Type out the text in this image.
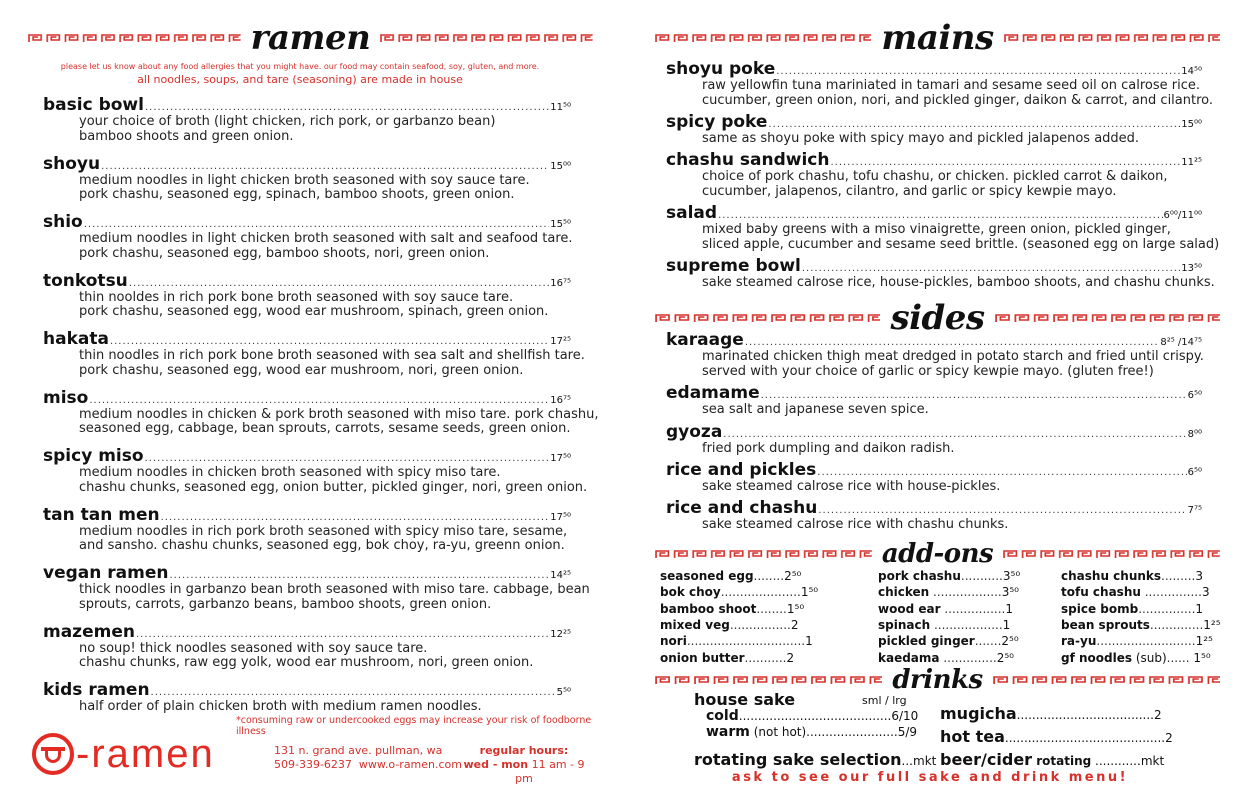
ramen
please let us know about any food allergies that you might have. our food may contain seafood, soy, gluten, and more.
all noodles, soups, and tare (seasoning) are made in house
basic bowl .....	11⁵⁰
your choice of broth (light chicken, rich pork, or garbanzo bean)
bamboo shoots and green onion.
shoyu .....	15⁰⁰
medium noodles in light chicken broth seasoned with soy sauce tare.
pork chashu, seasoned egg, spinach, bamboo shoots, green onion.
shio .....	15⁵⁰
medium noodles in light chicken broth seasoned with salt and seafood tare.
pork chashu, seasoned egg, bamboo shoots, nori, green onion.
tonkotsu .....	16⁷⁵
thin nooldes in rich pork bone broth seasoned with soy sauce tare.
pork chashu, seasoned egg, wood ear mushroom, spinach, green onion.
hakata .....	17²⁵
thin noodles in rich pork bone broth seasoned with sea salt and shellfish tare.
pork chashu, seasoned egg, wood ear mushroom, nori, green onion.
miso .....	16⁷⁵
medium noodles in chicken & pork broth seasoned with miso tare. pork chashu,
seasoned egg, cabbage, bean sprouts, carrots, sesame seeds, green onion.
spicy miso .....	17⁵⁰
medium noodles in chicken broth seasoned with spicy miso tare.
chashu chunks, seasoned egg, onion butter, pickled ginger, nori, green onion.
tan tan men .....	17⁵⁰
medium noodles in rich pork broth seasoned with spicy miso tare, sesame,
and sansho. chashu chunks, seasoned egg, bok choy, ra-yu, greenn onion.
vegan ramen .....	14²⁵
thick noodles in garbanzo bean broth seasoned with miso tare. cabbage, bean
sprouts, carrots, garbanzo beans, bamboo shoots, green onion.
mazemen .....	12²⁵
no soup! thick noodles seasoned with soy sauce tare.
chashu chunks, raw egg yolk, wood ear mushroom, nori, green onion.
kids ramen .....	5⁵⁰
half order of plain chicken broth with medium ramen noodles.
*consuming raw or undercooked eggs may increase your risk of foodborne illness
-ramen	131 n. grand ave. pullman, wa
509-339-6237  www.o-ramen.com
regular hours:
wed - mon 11 am - 9 pm
mains
shoyu poke .....	14⁵⁰
raw yellowfin tuna mariniated in tamari and sesame seed oil on calrose rice.
cucumber, green onion, nori, and pickled ginger, daikon & carrot, and cilantro.
spicy poke .....	15⁰⁰
same as shoyu poke with spicy mayo and pickled jalapenos added.
chashu sandwich .....	11²⁵
choice of pork chashu, tofu chashu, or chicken. pickled carrot & daikon,
cucumber, jalapenos, cilantro, and garlic or spicy kewpie mayo.
salad .....	6⁰⁰/11⁰⁰
mixed baby greens with a miso vinaigrette, green onion, pickled ginger,
sliced apple, cucumber and sesame seed brittle. (seasoned egg on large salad)
supreme bowl .....	13⁵⁰
sake steamed calrose rice, house-pickles, bamboo shoots, and chashu chunks.
sides
karaage .....	8²⁵ /14⁷⁵
marinated chicken thigh meat dredged in potato starch and fried until crispy.
served with your choice of garlic or spicy kewpie mayo. (gluten free!)
edamame .....	6⁵⁰
sea salt and japanese seven spice.
gyoza .....	8⁰⁰
fried pork dumpling and daikon radish.
rice and pickles .....	6⁵⁰
sake steamed calrose rice with house-pickles.
rice and chashu .....	7⁷⁵
sake steamed calrose rice with chashu chunks.
add-ons
seasoned egg........2⁵⁰
bok choy.....................1⁵⁰
bamboo shoot........1⁵⁰
mixed veg................2
nori...............................1
onion butter...........2
pork chashu...........3⁵⁰
chicken ..................3⁵⁰
wood ear ................1
spinach ..................1
pickled ginger.......2⁵⁰
kaedama ..............2⁵⁰
chashu chunks.........3
tofu chashu ...............3
spice bomb...............1
bean sprouts..............1²⁵
ra-yu..........................1²⁵
gf noodles (sub)...... 1⁵⁰
drinks
house sake	sml / lrg
cold........................................6/10
warm (not hot)........................5/9
rotating sake selection...mkt
mugicha....................................2
hot tea..........................................2
beer/cider rotating ............mkt
ask to see our full sake and drink menu!
